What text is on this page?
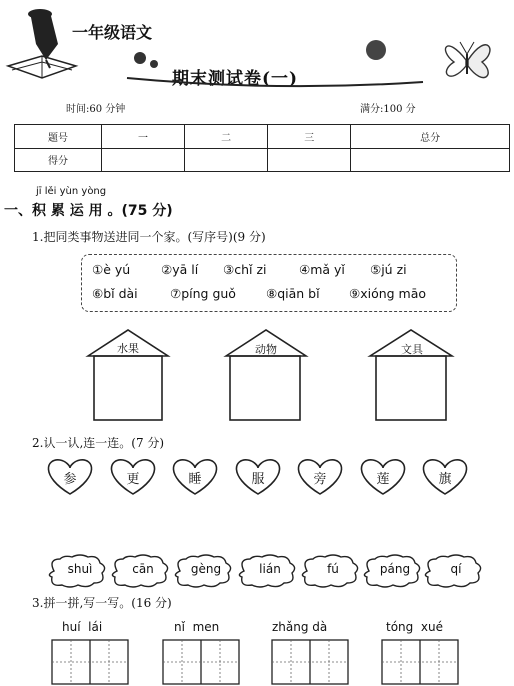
一年级语文
期末测试卷(一)
时间:60 分钟	满分:100 分
题号	一	二	三	总分
得分				
jī lěi yùn yòng
一、积 累 运 用 。(75 分)
1.把同类事物送进同一个家。(写序号)(9 分)
①è yú ②yā lí ③chǐ zi	④mǎ yǐ ⑤jú zi
⑥bǐ dài	⑦píng guǒ ⑧qiān bǐ ⑨xióng māo
水果	动物	文具
2.认一认,连一连。(7 分)
参	更	睡	服	旁	莲	旗
shuì	cān	gèng	lián	fú	páng	qí
3.拼一拼,写一写。(16 分)
huí  lái	nǐ  men	zhǎng dà	tóng  xué
